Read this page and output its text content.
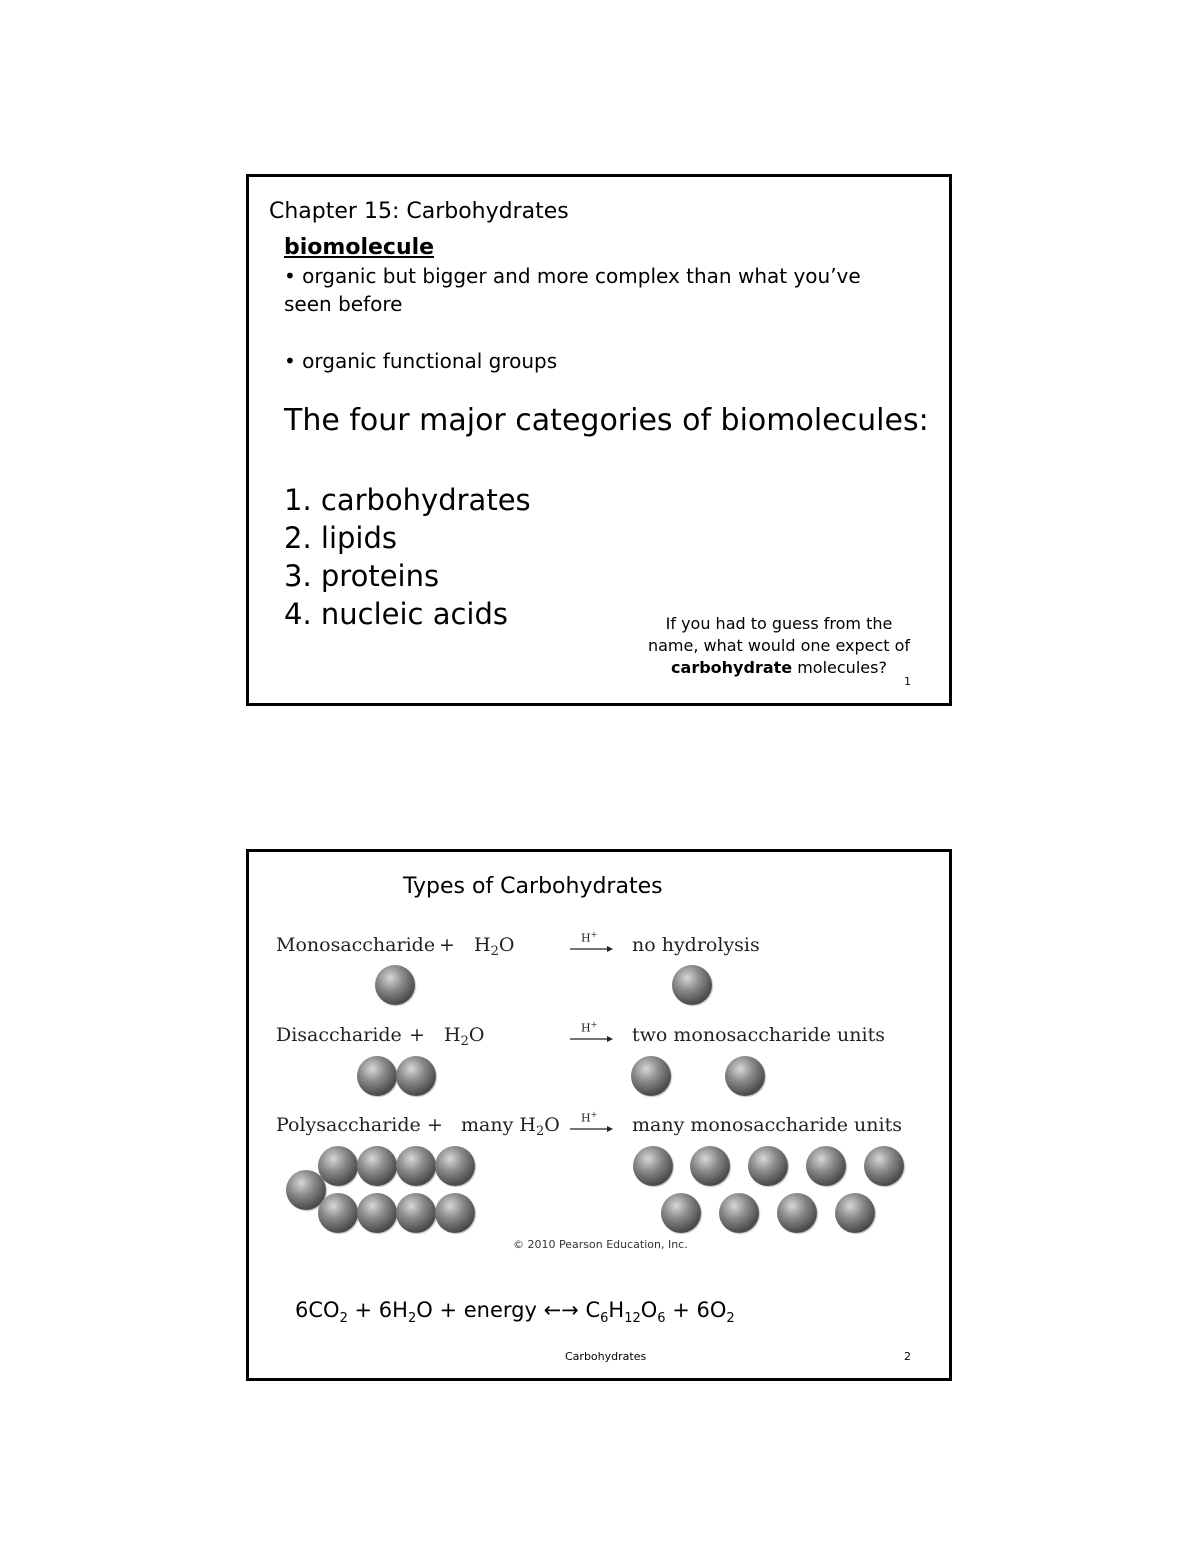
Chapter 15: Carbohydrates
biomolecule
• organic but bigger and more complex than what you’ve seen before
• organic functional groups
The four major categories of biomolecules:
1. carbohydrates
2. lipids
3. proteins
4. nucleic acids	If you had to guess from the name, what would one expect of carbohydrate molecules?
1
Types of Carbohydrates
Monosaccharide + $H_2O$	H+ no hydrolysis
Disaccharide + $H_2O$	H+ two monosaccharide units
Polysaccharide + many $H_2O$ H+ many monosaccharide units
© 2010 Pearson Education, Inc.
$6CO_2 + 6H_2O$ + energy ←→ $C_6H_{12}O_6 + 6O_2$
Carbohydrates	2
